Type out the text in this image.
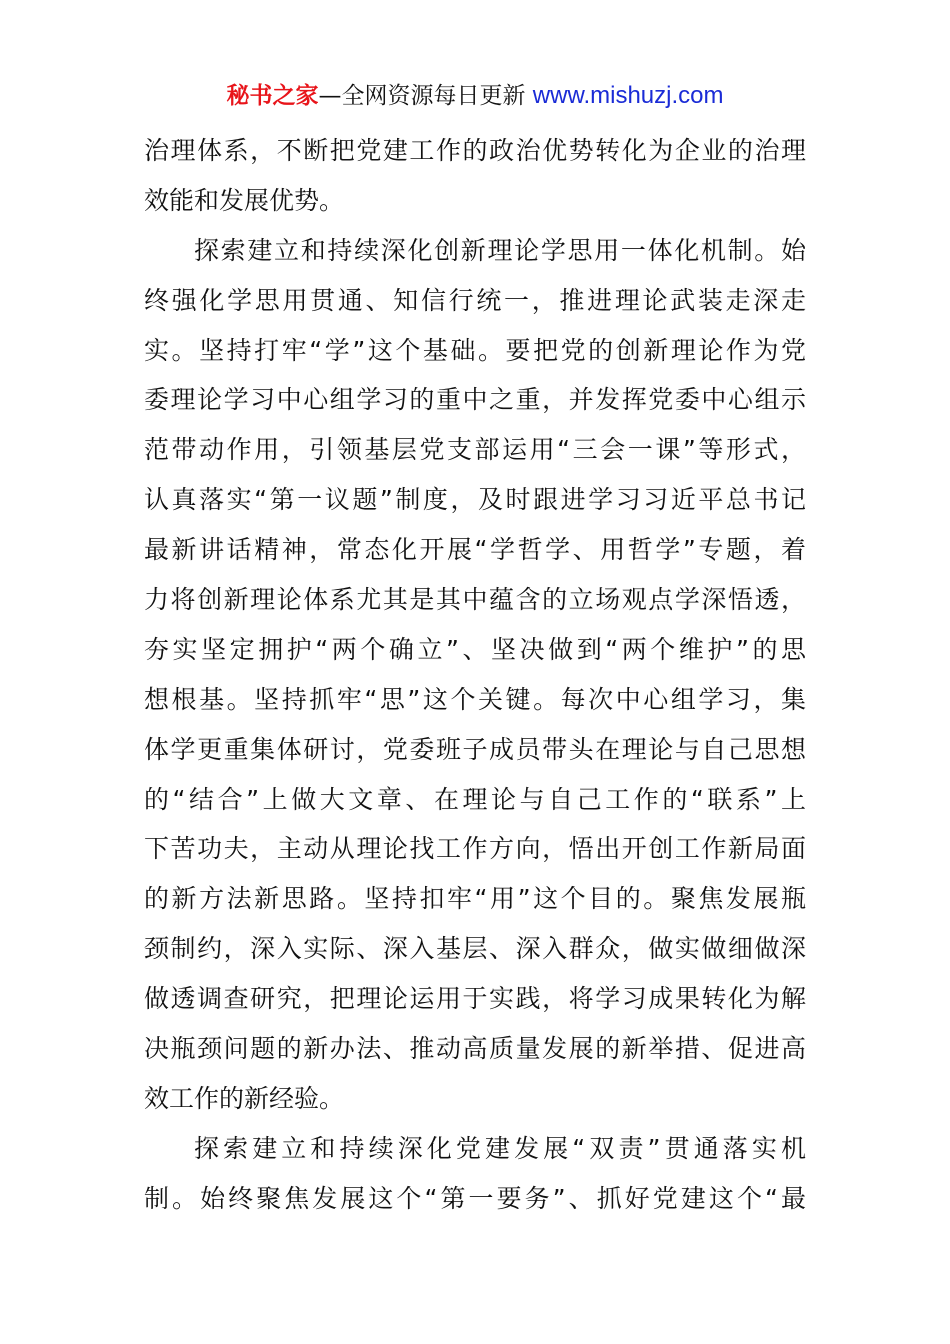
秘书之家—全网资源每日更新 www.mishuzj.com
治理体系，不断把党建工作的政治优势转化为企业的治理
效能和发展优势。
探索建立和持续深化创新理论学思用一体化机制。始
终强化学思用贯通、知信行统一，推进理论武装走深走
实。坚持打牢“学”这个基础。要把党的创新理论作为党
委理论学习中心组学习的重中之重，并发挥党委中心组示
范带动作用，引领基层党支部运用“三会一课”等形式，
认真落实“第一议题”制度，及时跟进学习习近平总书记
最新讲话精神，常态化开展“学哲学、用哲学”专题，着
力将创新理论体系尤其是其中蕴含的立场观点学深悟透，
夯实坚定拥护“两个确立”、坚决做到“两个维护”的思
想根基。坚持抓牢“思”这个关键。每次中心组学习，集
体学更重集体研讨，党委班子成员带头在理论与自己思想
的“结合”上做大文章、在理论与自己工作的“联系”上
下苦功夫，主动从理论找工作方向，悟出开创工作新局面
的新方法新思路。坚持扣牢“用”这个目的。聚焦发展瓶
颈制约，深入实际、深入基层、深入群众，做实做细做深
做透调查研究，把理论运用于实践，将学习成果转化为解
决瓶颈问题的新办法、推动高质量发展的新举措、促进高
效工作的新经验。
探索建立和持续深化党建发展“双责”贯通落实机
制。始终聚焦发展这个“第一要务”、抓好党建这个“最
